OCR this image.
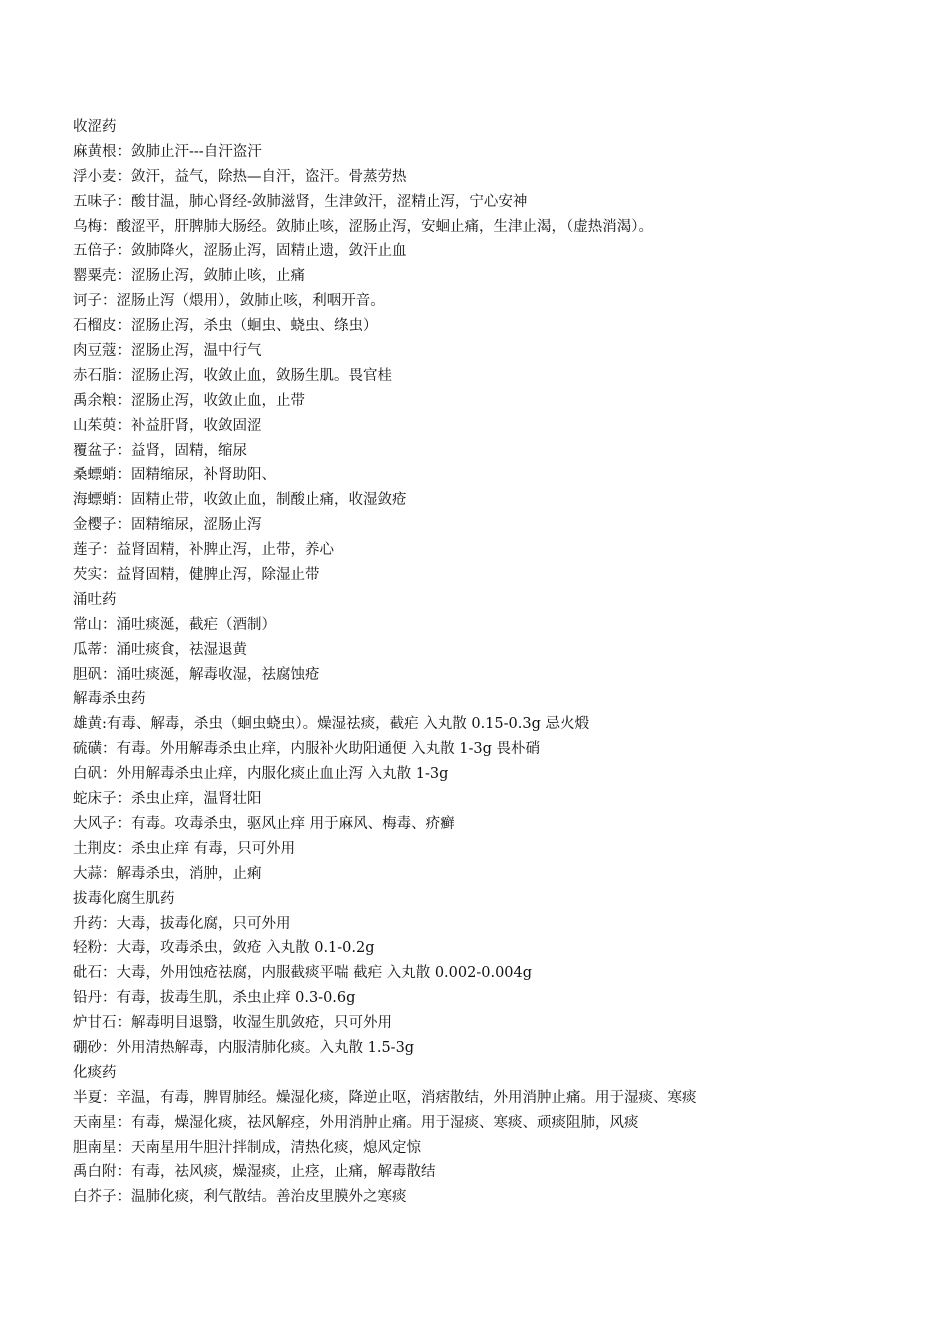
收涩药
麻黄根：敛肺止汗---自汗盗汗
浮小麦：敛汗，益气，除热—自汗，盗汗。骨蒸劳热
五味子：酸甘温，肺心肾经-敛肺滋肾，生津敛汗，涩精止泻，宁心安神
乌梅：酸涩平，肝脾肺大肠经。敛肺止咳，涩肠止泻，安蛔止痛，生津止渴，（虚热消渴）。
五倍子：敛肺降火，涩肠止泻，固精止遗，敛汗止血
罂粟壳：涩肠止泻，敛肺止咳，止痛
诃子：涩肠止泻（煨用），敛肺止咳，利咽开音。
石榴皮：涩肠止泻，杀虫（蛔虫、蛲虫、绦虫）
肉豆蔻：涩肠止泻，温中行气
赤石脂：涩肠止泻，收敛止血，敛肠生肌。畏官桂
禹余粮：涩肠止泻，收敛止血，止带
山茱萸：补益肝肾，收敛固涩
覆盆子：益肾，固精，缩尿
桑螵蛸：固精缩尿，补肾助阳、
海螵蛸：固精止带，收敛止血，制酸止痛，收湿敛疮
金樱子：固精缩尿，涩肠止泻
莲子：益肾固精，补脾止泻，止带，养心
芡实：益肾固精，健脾止泻，除湿止带
涌吐药
常山：涌吐痰涎，截疟（酒制）
瓜蒂：涌吐痰食，祛湿退黄
胆矾：涌吐痰涎，解毒收湿，祛腐蚀疮
解毒杀虫药
雄黄:有毒、解毒，杀虫（蛔虫蛲虫）。燥湿祛痰，截疟 入丸散 0.15-0.3g 忌火煅
硫磺：有毒。外用解毒杀虫止痒，内服补火助阳通便 入丸散 1-3g 畏朴硝
白矾：外用解毒杀虫止痒，内服化痰止血止泻 入丸散 1-3g
蛇床子：杀虫止痒，温肾壮阳
大风子：有毒。攻毒杀虫，驱风止痒 用于麻风、梅毒、疥癣
土荆皮：杀虫止痒 有毒，只可外用
大蒜：解毒杀虫，消肿，止痢
拔毒化腐生肌药
升药：大毒，拔毒化腐，只可外用
轻粉：大毒，攻毒杀虫，敛疮 入丸散 0.1-0.2g
砒石：大毒，外用蚀疮祛腐，内服截痰平喘 截疟 入丸散 0.002-0.004g
铅丹：有毒，拔毒生肌，杀虫止痒 0.3-0.6g
炉甘石：解毒明目退翳，收湿生肌敛疮，只可外用
硼砂：外用清热解毒，内服清肺化痰。入丸散 1.5-3g
化痰药
半夏：辛温，有毒，脾胃肺经。燥湿化痰，降逆止呕，消痞散结，外用消肿止痛。用于湿痰、寒痰
天南星：有毒，燥湿化痰，祛风解痉，外用消肿止痛。用于湿痰、寒痰、顽痰阻肺，风痰
胆南星：天南星用牛胆汁拌制成，清热化痰，熄风定惊
禹白附：有毒，祛风痰，燥湿痰，止痉，止痛，解毒散结
白芥子：温肺化痰，利气散结。善治皮里膜外之寒痰
